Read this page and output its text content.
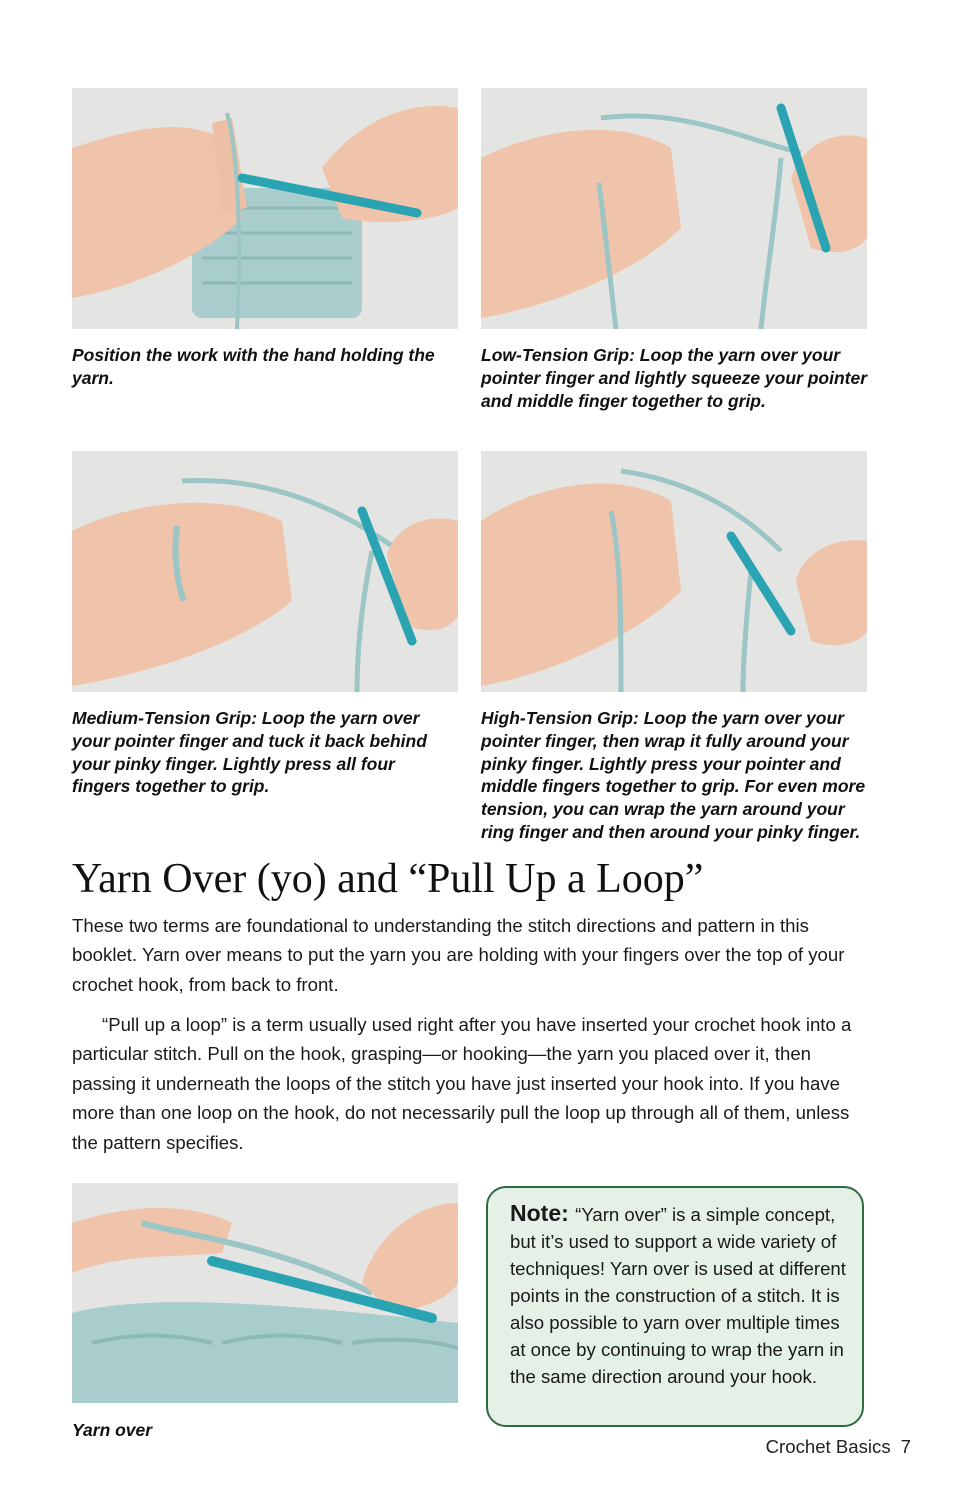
Position the work with the hand holding the yarn.
Low-Tension Grip: Loop the yarn over your pointer finger and lightly squeeze your pointer and middle finger together to grip.
Medium-Tension Grip: Loop the yarn over your pointer finger and tuck it back behind your pinky finger. Lightly press all four fingers together to grip.
High-Tension Grip: Loop the yarn over your pointer finger, then wrap it fully around your pinky finger. Lightly press your pointer and middle fingers together to grip. For even more tension, you can wrap the yarn around your ring finger and then around your pinky finger.
Yarn Over (yo) and “Pull Up a Loop”

These two terms are foundational to understanding the stitch directions and pattern in this booklet. Yarn over means to put the yarn you are holding with your fingers over the top of your crochet hook, from back to front.

“Pull up a loop” is a term usually used right after you have inserted your crochet hook into a particular stitch. Pull on the hook, grasping—or hooking—the yarn you placed over it, then passing it underneath the loops of the stitch you have just inserted your hook into. If you have more than one loop on the hook, do not necessarily pull the loop up through all of them, unless the pattern specifies.

Yarn over
Note: “Yarn over” is a simple concept, but it’s used to support a wide variety of techniques! Yarn over is used at different points in the construction of a stitch. It is also possible to yarn over multiple times at once by continuing to wrap the yarn in the same direction around your hook.
Crochet Basics 7
